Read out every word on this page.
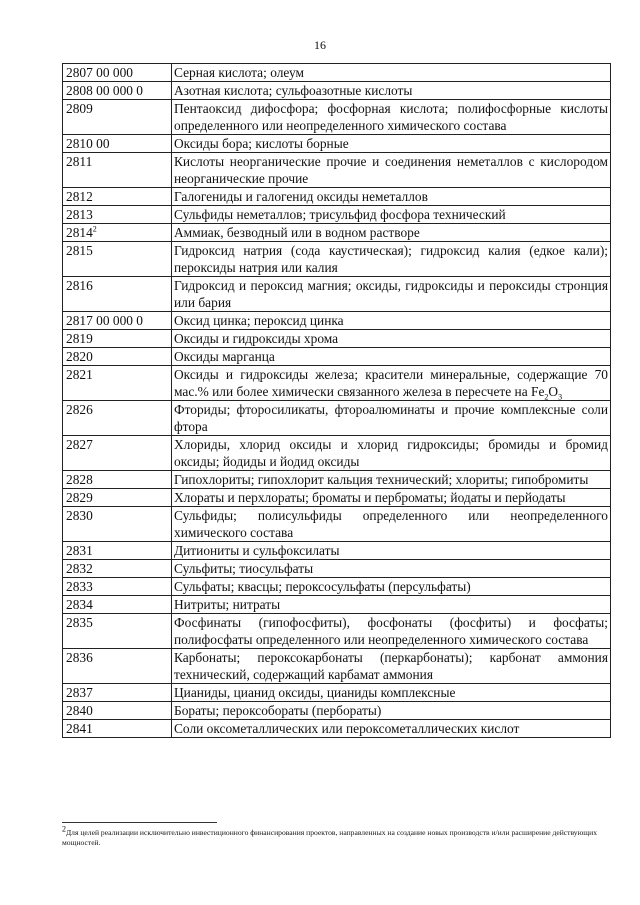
16
2807 00 000	Серная кислота; олеум
2808 00 000 0	Азотная кислота; сульфоазотные кислоты
2809	Пентаоксид дифосфора; фосфорная кислота; полифосфорные кислоты определенного или неопределенного химического состава
2810 00	Оксиды бора; кислоты борные
2811	Кислоты неорганические прочие и соединения неметаллов с кислородом неорганические прочие
2812	Галогениды и галогенид оксиды неметаллов
2813	Сульфиды неметаллов; трисульфид фосфора технический
2814$^2$	Аммиак, безводный или в водном растворе
2815	Гидроксид натрия (сода каустическая); гидроксид калия (едкое кали); пероксиды натрия или калия
2816	Гидроксид и пероксид магния; оксиды, гидроксиды и пероксиды стронция или бария
2817 00 000 0	Оксид цинка; пероксид цинка
2819	Оксиды и гидроксиды хрома
2820	Оксиды марганца
2821	Оксиды и гидроксиды железа; красители минеральные, содержащие 70 мас.% или более химически связанного железа в пересчете на $Fe_2O_3$
2826	Фториды; фторосиликаты, фтороалюминаты и прочие комплексные соли фтора
2827	Хлориды, хлорид оксиды и хлорид гидроксиды; бромиды и бромид оксиды; йодиды и йодид оксиды
2828	Гипохлориты; гипохлорит кальция технический; хлориты; гипобромиты
2829	Хлораты и перхлораты; броматы и перброматы; йодаты и перйодаты
2830	Сульфиды; полисульфиды определенного или неопределенного химического состава
2831	Дитиониты и сульфоксилаты
2832	Сульфиты; тиосульфаты
2833	Сульфаты; квасцы; пероксосульфаты (персульфаты)
2834	Нитриты; нитраты
2835	Фосфинаты (гипофосфиты), фосфонаты (фосфиты) и фосфаты; полифосфаты определенного или неопределенного химического состава
2836	Карбонаты; пероксокарбонаты (перкарбонаты); карбонат аммония технический, содержащий карбамат аммония
2837	Цианиды, цианид оксиды, цианиды комплексные
2840	Бораты; пероксобораты (пербораты)
2841	Соли оксометаллических или пероксометаллических кислот
$^2$Для целей реализации исключительно инвестиционного финансирования проектов, направленных на создание новых производств и/или расширение действующих мощностей.
